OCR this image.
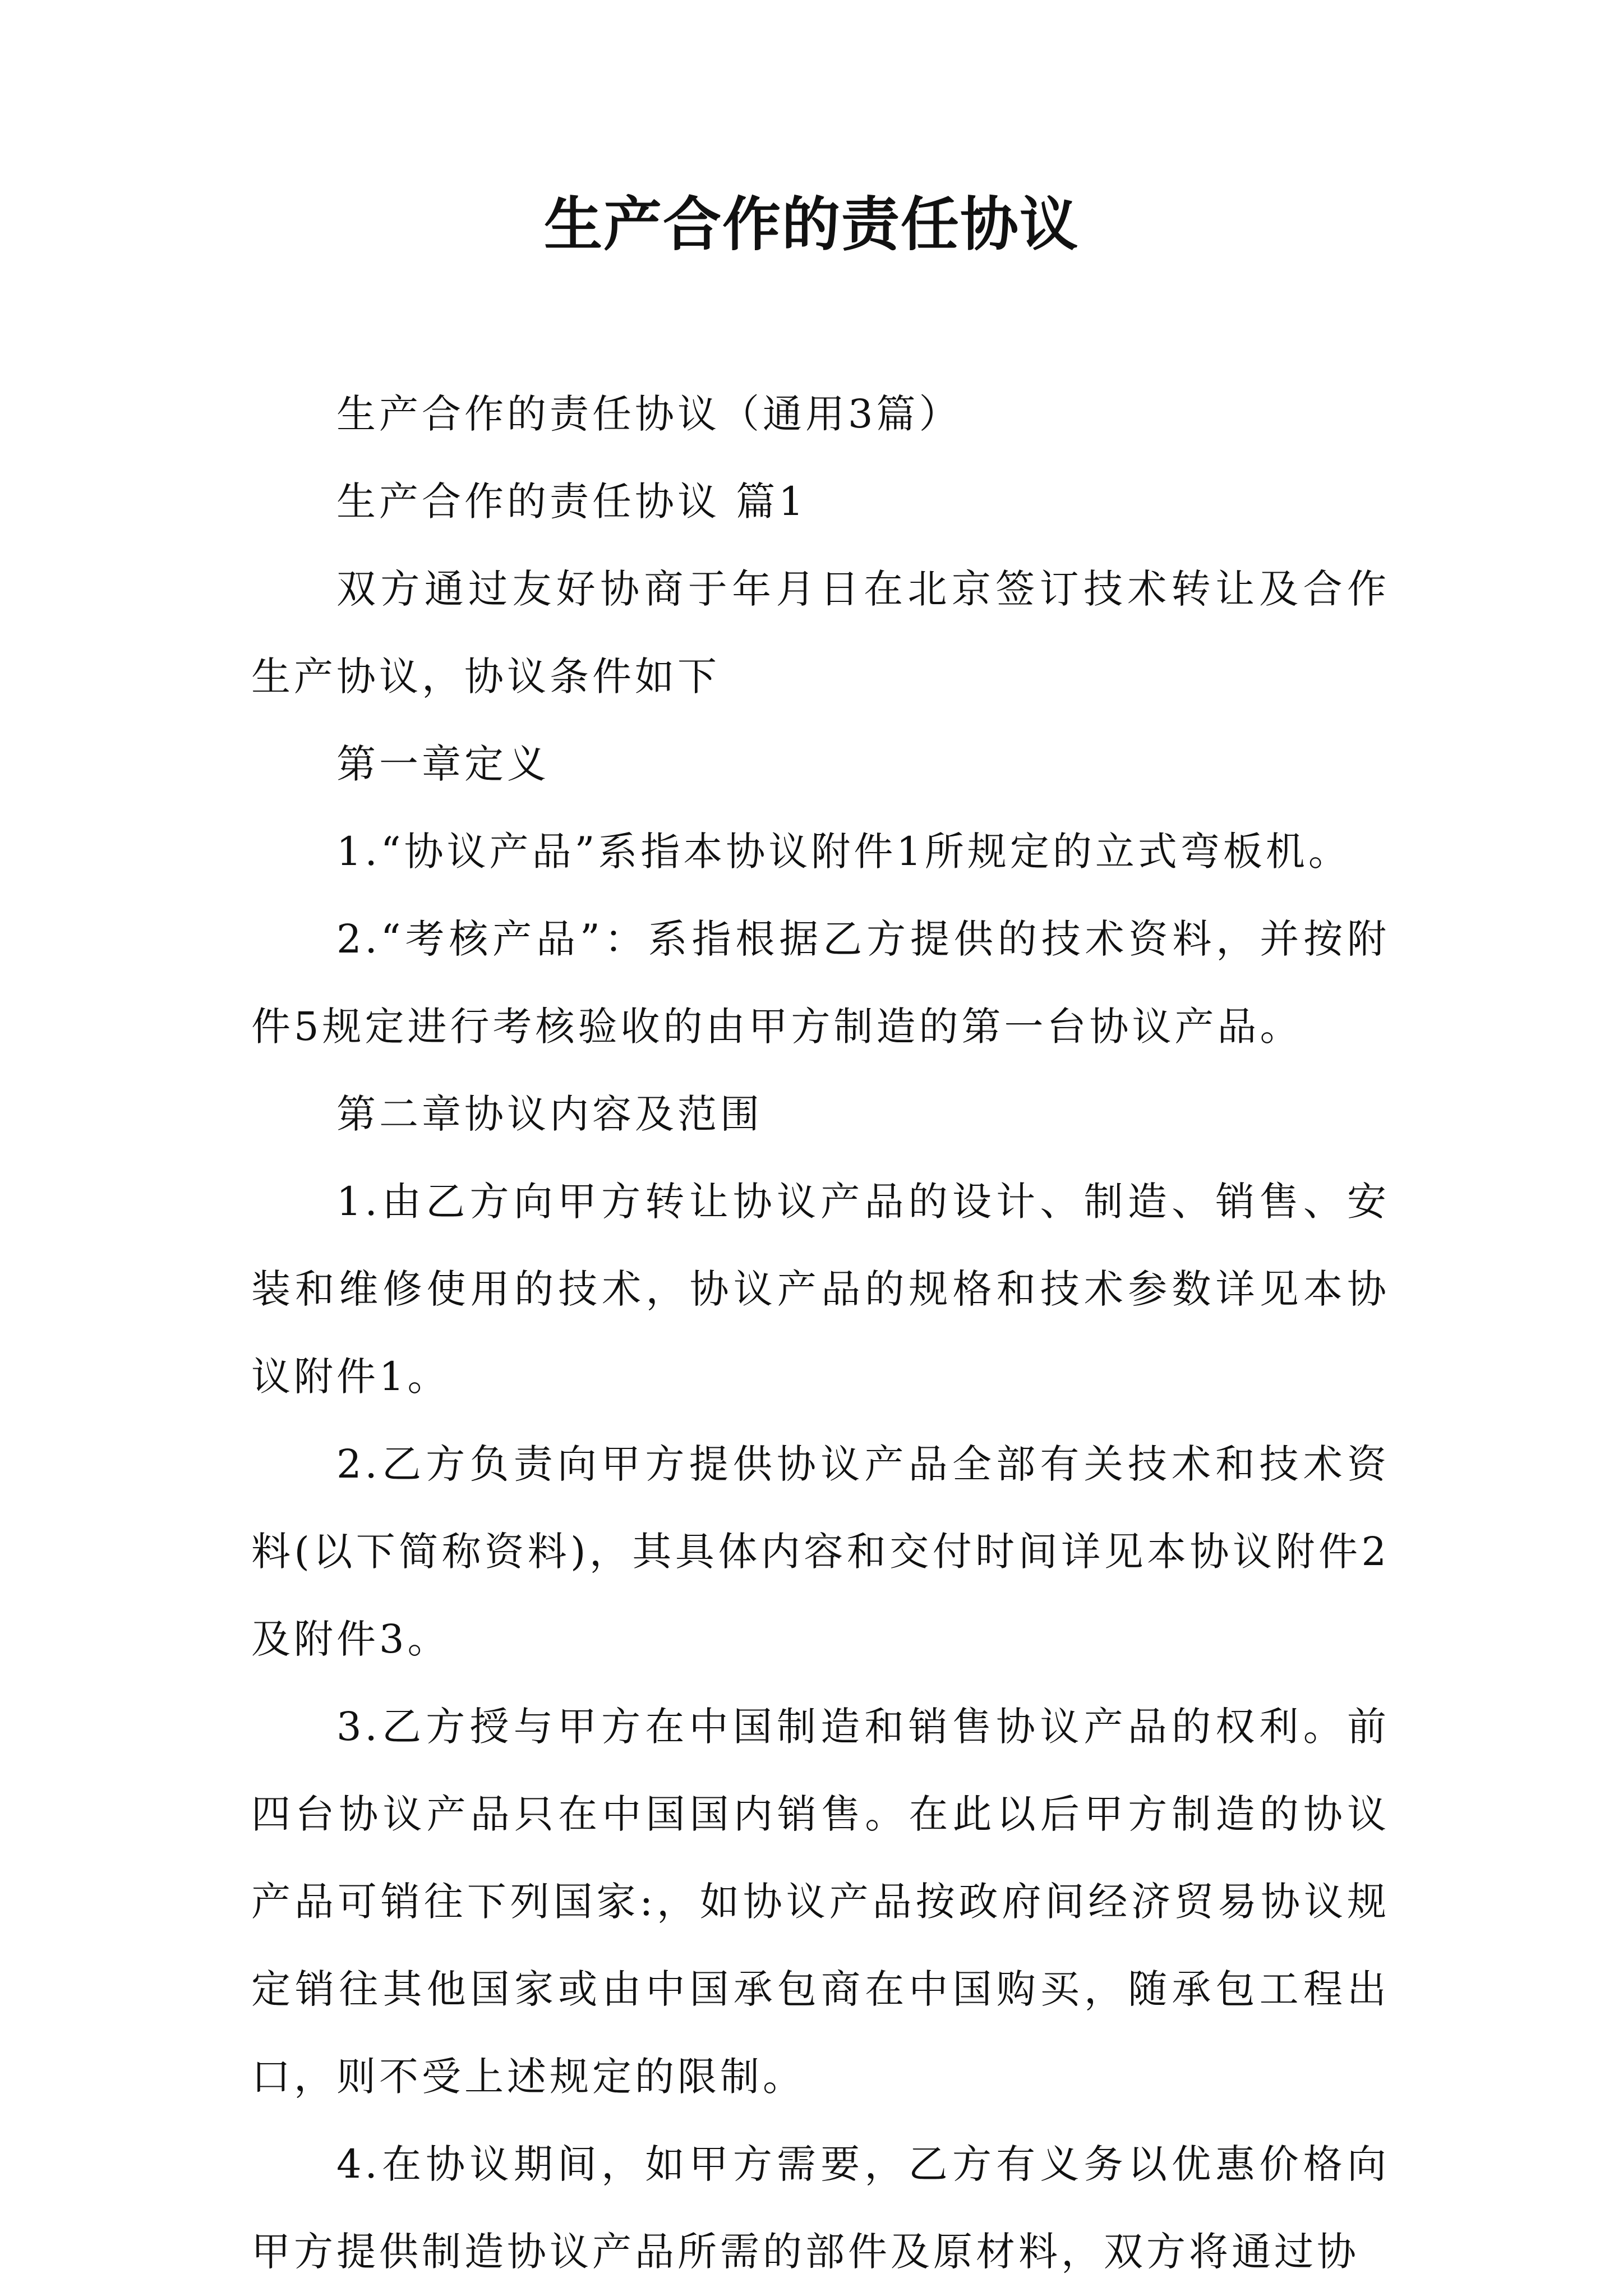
生产合作的责任协议

生产合作的责任协议（通用3篇）

生产合作的责任协议 篇1

双方通过友好协商于年月日在北京签订技术转让及合作生产协议，协议条件如下

第一章定义

1.“协议产品”系指本协议附件1所规定的立式弯板机。

2.“考核产品”：系指根据乙方提供的技术资料，并按附件5规定进行考核验收的由甲方制造的第一台协议产品。

第二章协议内容及范围

1.由乙方向甲方转让协议产品的设计、制造、销售、安装和维修使用的技术，协议产品的规格和技术参数详见本协议附件1。

2.乙方负责向甲方提供协议产品全部有关技术和技术资料(以下简称资料)，其具体内容和交付时间详见本协议附件2及附件3。

3.乙方授与甲方在中国制造和销售协议产品的权利。前四台协议产品只在中国国内销售。在此以后甲方制造的协议产品可销往下列国家:，如协议产品按政府间经济贸易协议规定销往其他国家或由中国承包商在中国购买，随承包工程出口，则不受上述规定的限制。

4.在协议期间，如甲方需要，乙方有义务以优惠价格向甲方提供制造协议产品所需的部件及原材料，双方将通过协
